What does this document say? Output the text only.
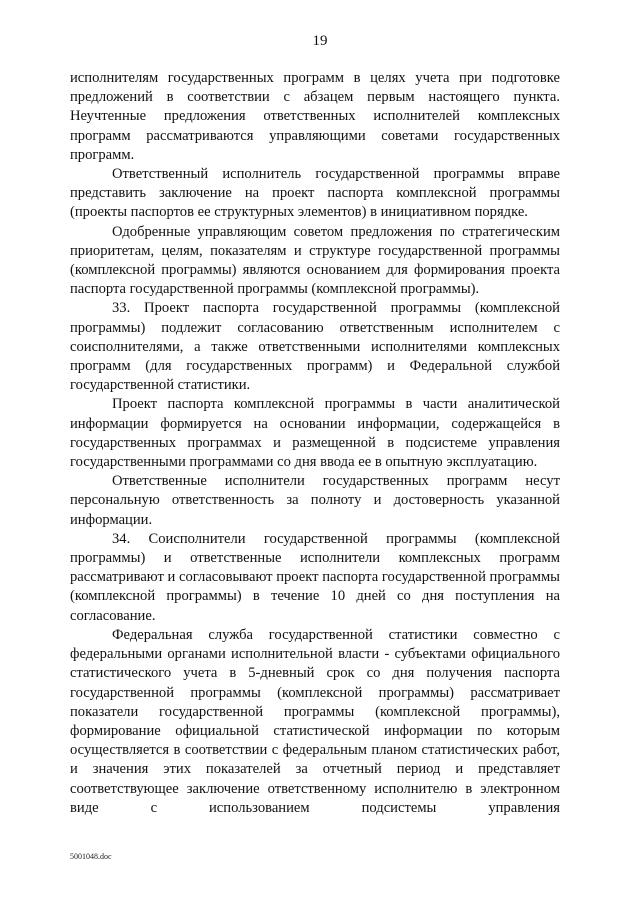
19

исполнителям государственных программ в целях учета при подготовке предложений в соответствии с абзацем первым настоящего пункта. Неучтенные предложения ответственных исполнителей комплексных программ рассматриваются управляющими советами государственных программ.

Ответственный исполнитель государственной программы вправе представить заключение на проект паспорта комплексной программы (проекты паспортов ее структурных элементов) в инициативном порядке.

Одобренные управляющим советом предложения по стратегическим приоритетам, целям, показателям и структуре государственной программы (комплексной программы) являются основанием для формирования проекта паспорта государственной программы (комплексной программы).

33. Проект паспорта государственной программы (комплексной программы) подлежит согласованию ответственным исполнителем с соисполнителями, а также ответственными исполнителями комплексных программ (для государственных программ) и Федеральной службой государственной статистики.

Проект паспорта комплексной программы в части аналитической информации формируется на основании информации, содержащейся в государственных программах и размещенной в подсистеме управления государственными программами со дня ввода ее в опытную эксплуатацию.

Ответственные исполнители государственных программ несут персональную ответственность за полноту и достоверность указанной информации.

34. Соисполнители государственной программы (комплексной программы) и ответственные исполнители комплексных программ рассматривают и согласовывают проект паспорта государственной программы (комплексной программы) в течение 10 дней со дня поступления на согласование.

Федеральная служба государственной статистики совместно с федеральными органами исполнительной власти - субъектами официального статистического учета в 5-дневный срок со дня получения паспорта государственной программы (комплексной программы) рассматривает показатели государственной программы (комплексной программы), формирование официальной статистической информации по которым осуществляется в соответствии с федеральным планом статистических работ, и значения этих показателей за отчетный период и представляет соответствующее заключение ответственному исполнителю в электронном виде с использованием подсистемы управления

5001048.doc
